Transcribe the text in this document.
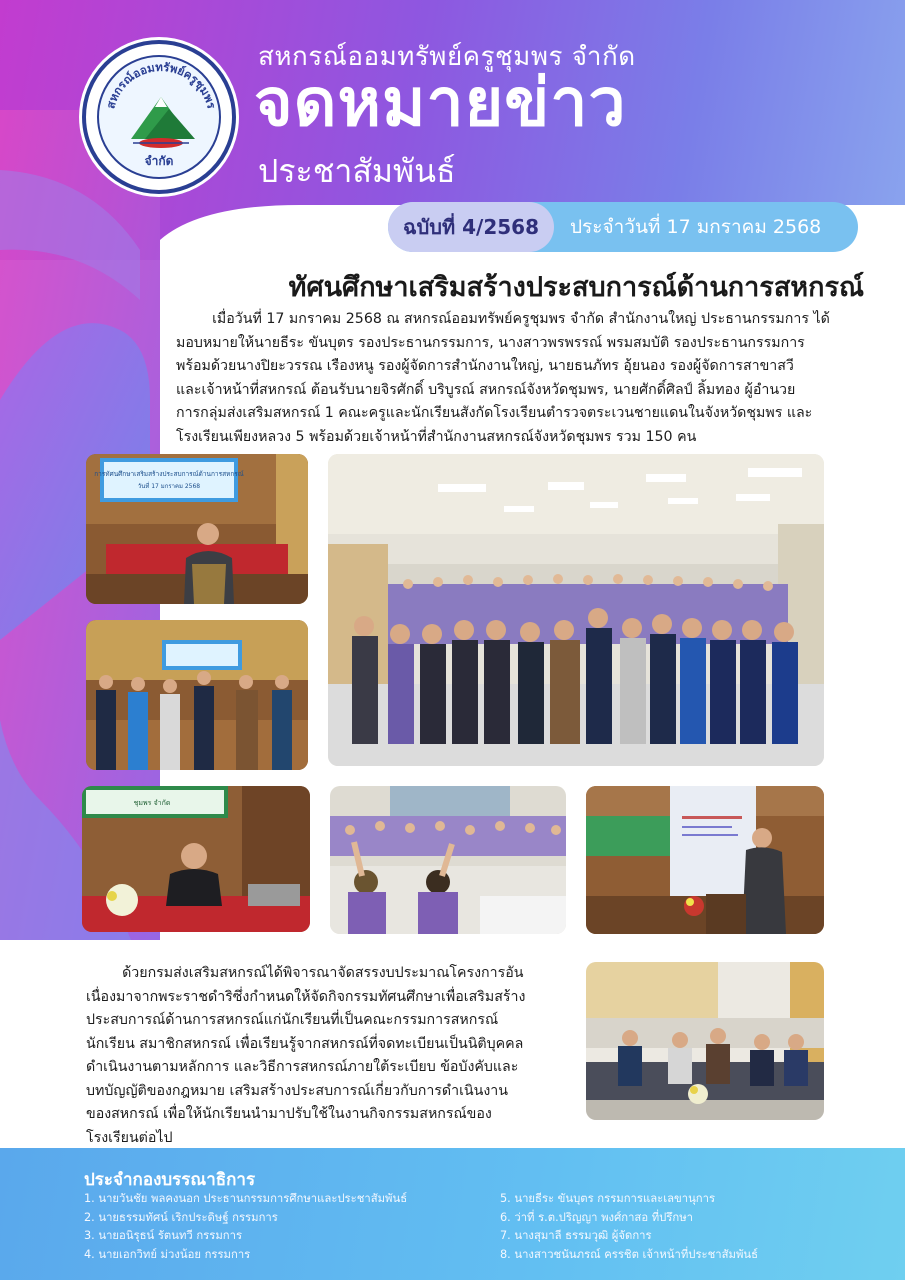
สหกรณ์ออมทรัพย์ครูชุมพร
จำกัด
สหกรณ์ออมทรัพย์ครูชุมพร จำกัด
จดหมายข่าว
ประชาสัมพันธ์
ฉบับที่ 4/2568	ประจำวันที่ 17 มกราคม 2568
ทัศนศึกษาเสริมสร้างประสบการณ์ด้านการสหกรณ์
เมื่อวันที่ 17 มกราคม 2568 ณ สหกรณ์ออมทรัพย์ครูชุมพร จำกัด สำนักงานใหญ่ ประธานกรรมการ ได้
มอบหมายให้นายธีระ ขันบุตร รองประธานกรรมการ, นางสาวพรพรรณ์ พรมสมบัติ รองประธานกรรมการ
พร้อมด้วยนางปิยะวรรณ เรืองหนู รองผู้จัดการสำนักงานใหญ่, นายธนภัทร อุ้ยนอง รองผู้จัดการสาขาสวี
และเจ้าหน้าที่สหกรณ์ ต้อนรับนายจิรศักดิ์ บริบูรณ์ สหกรณ์จังหวัดชุมพร, นายศักดิ์ศิลป์ ลิ้มทอง ผู้อำนวย
การกลุ่มส่งเสริมสหกรณ์ 1 คณะครูและนักเรียนสังกัดโรงเรียนตำรวจตระเวนชายแดนในจังหวัดชุมพร และ
โรงเรียนเพียงหลวง 5 พร้อมด้วยเจ้าหน้าที่สำนักงานสหกรณ์จังหวัดชุมพร รวม 150 คน
การทัศนศึกษาเสริมสร้างประสบการณ์ด้านการสหกรณ์
วันที่ 17 มกราคม 2568
ชุมพร จำกัด
ด้วยกรมส่งเสริมสหกรณ์ได้พิจารณาจัดสรรงบประมาณโครงการอัน
เนื่องมาจากพระราชดำริซึ่งกำหนดให้จัดกิจกรรมทัศนศึกษาเพื่อเสริมสร้าง
ประสบการณ์ด้านการสหกรณ์แก่นักเรียนที่เป็นคณะกรรมการสหกรณ์
นักเรียน สมาชิกสหกรณ์ เพื่อเรียนรู้จากสหกรณ์ที่จดทะเบียนเป็นนิติบุคคล
ดำเนินงานตามหลักการ และวิธีการสหกรณ์ภายใต้ระเบียบ ข้อบังคับและ
บทบัญญัติของกฎหมาย เสริมสร้างประสบการณ์เกี่ยวกับการดำเนินงาน
ของสหกรณ์ เพื่อให้นักเรียนนำมาปรับใช้ในงานกิจกรรมสหกรณ์ของ
โรงเรียนต่อไป
ประจำกองบรรณาธิการ
1. นายวันชัย พลคงนอก ประธานกรรมการศึกษาและประชาสัมพันธ์
2. นายธรรมทัศน์ เริกประดิษฐ์ กรรมการ
3. นายอนิรุธน์ รัตนทวี กรรมการ
4. นายเอกวิทย์ ม่วงน้อย กรรมการ
5. นายธีระ ขันบุตร กรรมการและเลขานุการ
6. ว่าที่ ร.ต.ปริญญา พงศ์กาสอ ที่ปรึกษา
7. นางสุมาลี ธรรมวุฒิ ผู้จัดการ
8. นางสาวชนันภรณ์ ครรชิต เจ้าหน้าที่ประชาสัมพันธ์
